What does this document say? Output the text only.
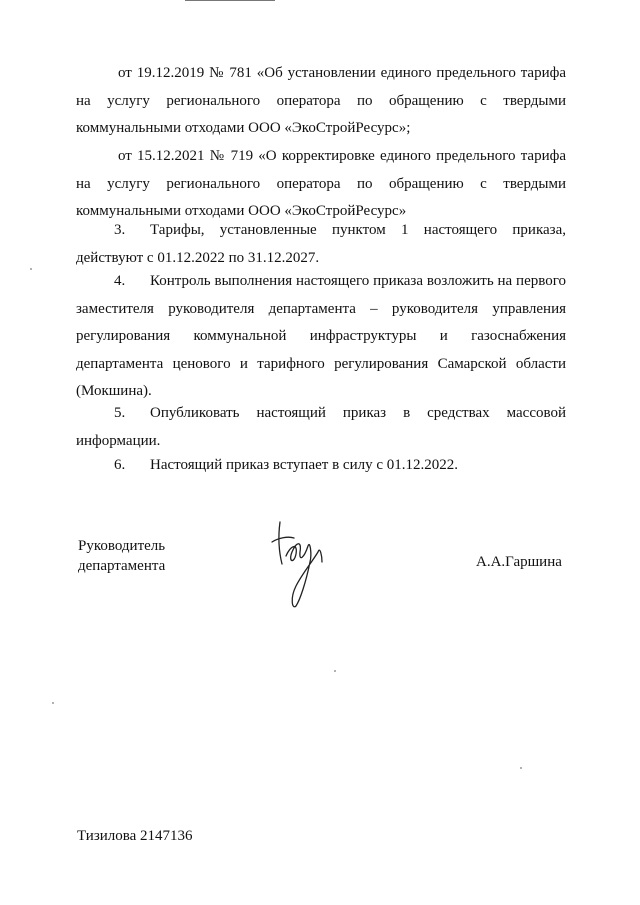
от 19.12.2019 № 781 «Об установлении единого предельного тарифа на услугу регионального оператора по обращению с твердыми коммунальными отходами ООО «ЭкоСтройРесурс»;
от 15.12.2021 № 719 «О корректировке единого предельного тарифа на услугу регионального оператора по обращению с твердыми коммунальными отходами ООО «ЭкоСтройРесурс»
3. Тарифы, установленные пунктом 1 настоящего приказа, действуют с 01.12.2022 по 31.12.2027.
4. Контроль выполнения настоящего приказа возложить на первого заместителя руководителя департамента – руководителя управления регулирования коммунальной инфраструктуры и газоснабжения департамента ценового и тарифного регулирования Самарской области (Мокшина).
5. Опубликовать настоящий приказ в средствах массовой информации.
6. Настоящий приказ вступает в силу с 01.12.2022.
Руководитель
департамента	А.А.Гаршина
Тизилова 2147136
